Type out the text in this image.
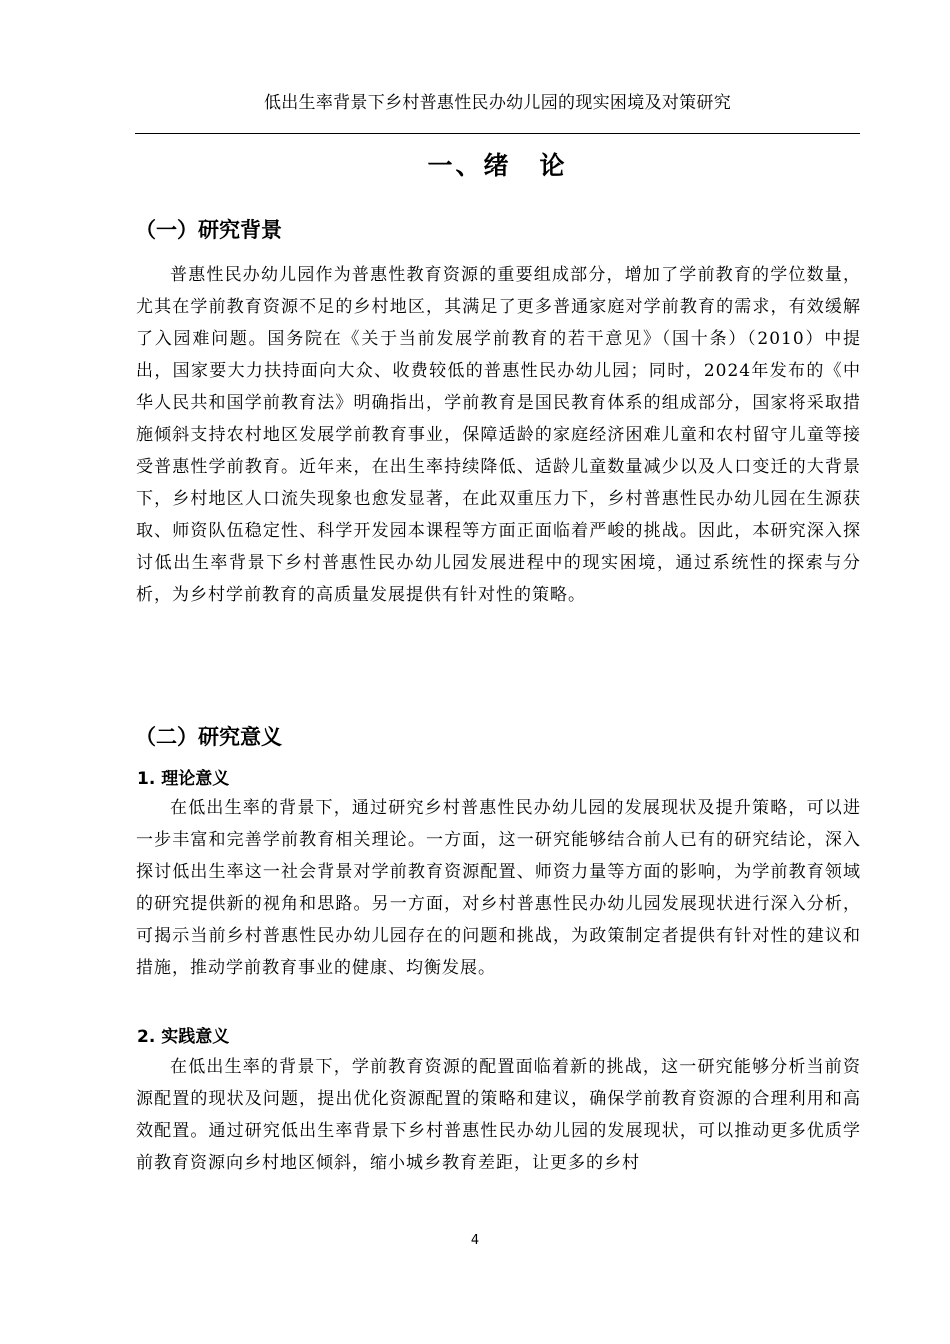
低出生率背景下乡村普惠性民办幼儿园的现实困境及对策研究
一、绪　论
（一）研究背景

普惠性民办幼儿园作为普惠性教育资源的重要组成部分，增加了学前教育的学位数量，尤其在学前教育资源不足的乡村地区，其满足了更多普通家庭对学前教育的需求，有效缓解了入园难问题。国务院在《关于当前发展学前教育的若干意见》（国十条）（2010）中提出，国家要大力扶持面向大众、收费较低的普惠性民办幼儿园；同时，2024年发布的《中华人民共和国学前教育法》明确指出，学前教育是国民教育体系的组成部分，国家将采取措施倾斜支持农村地区发展学前教育事业，保障适龄的家庭经济困难儿童和农村留守儿童等接受普惠性学前教育。近年来，在出生率持续降低、适龄儿童数量减少以及人口变迁的大背景下，乡村地区人口流失现象也愈发显著，在此双重压力下，乡村普惠性民办幼儿园在生源获取、师资队伍稳定性、科学开发园本课程等方面正面临着严峻的挑战。因此，本研究深入探讨低出生率背景下乡村普惠性民办幼儿园发展进程中的现实困境，通过系统性的探索与分析，为乡村学前教育的高质量发展提供有针对性的策略。

（二）研究意义
1. 理论意义

在低出生率的背景下，通过研究乡村普惠性民办幼儿园的发展现状及提升策略，可以进一步丰富和完善学前教育相关理论。一方面，这一研究能够结合前人已有的研究结论，深入探讨低出生率这一社会背景对学前教育资源配置、师资力量等方面的影响，为学前教育领域的研究提供新的视角和思路。另一方面，对乡村普惠性民办幼儿园发展现状进行深入分析，可揭示当前乡村普惠性民办幼儿园存在的问题和挑战，为政策制定者提供有针对性的建议和措施，推动学前教育事业的健康、均衡发展。

2. 实践意义

在低出生率的背景下，学前教育资源的配置面临着新的挑战，这一研究能够分析当前资源配置的现状及问题，提出优化资源配置的策略和建议，确保学前教育资源的合理利用和高效配置。通过研究低出生率背景下乡村普惠性民办幼儿园的发展现状，可以推动更多优质学前教育资源向乡村地区倾斜，缩小城乡教育差距，让更多的乡村

4
